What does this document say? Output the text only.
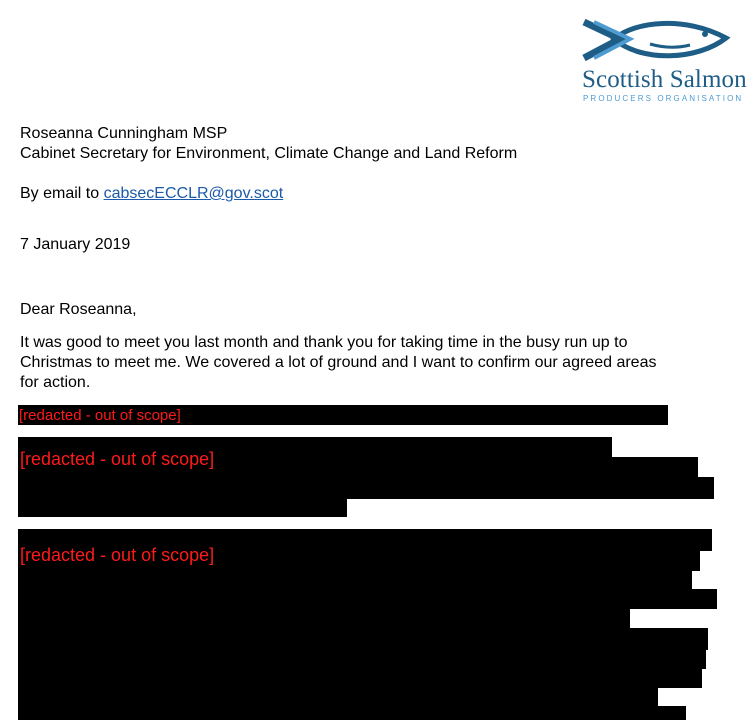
Scottish Salmon
PRODUCERS ORGANISATION
Roseanna Cunningham MSP
Cabinet Secretary for Environment, Climate Change and Land Reform
By email to cabsecECCLR@gov.scot
7 January 2019
Dear Roseanna,
It was good to meet you last month and thank you for taking time in the busy run up to
Christmas to meet me. We covered a lot of ground and I want to confirm our agreed areas
for action.
[redacted - out of scope]
[redacted - out of scope]
[redacted - out of scope]
